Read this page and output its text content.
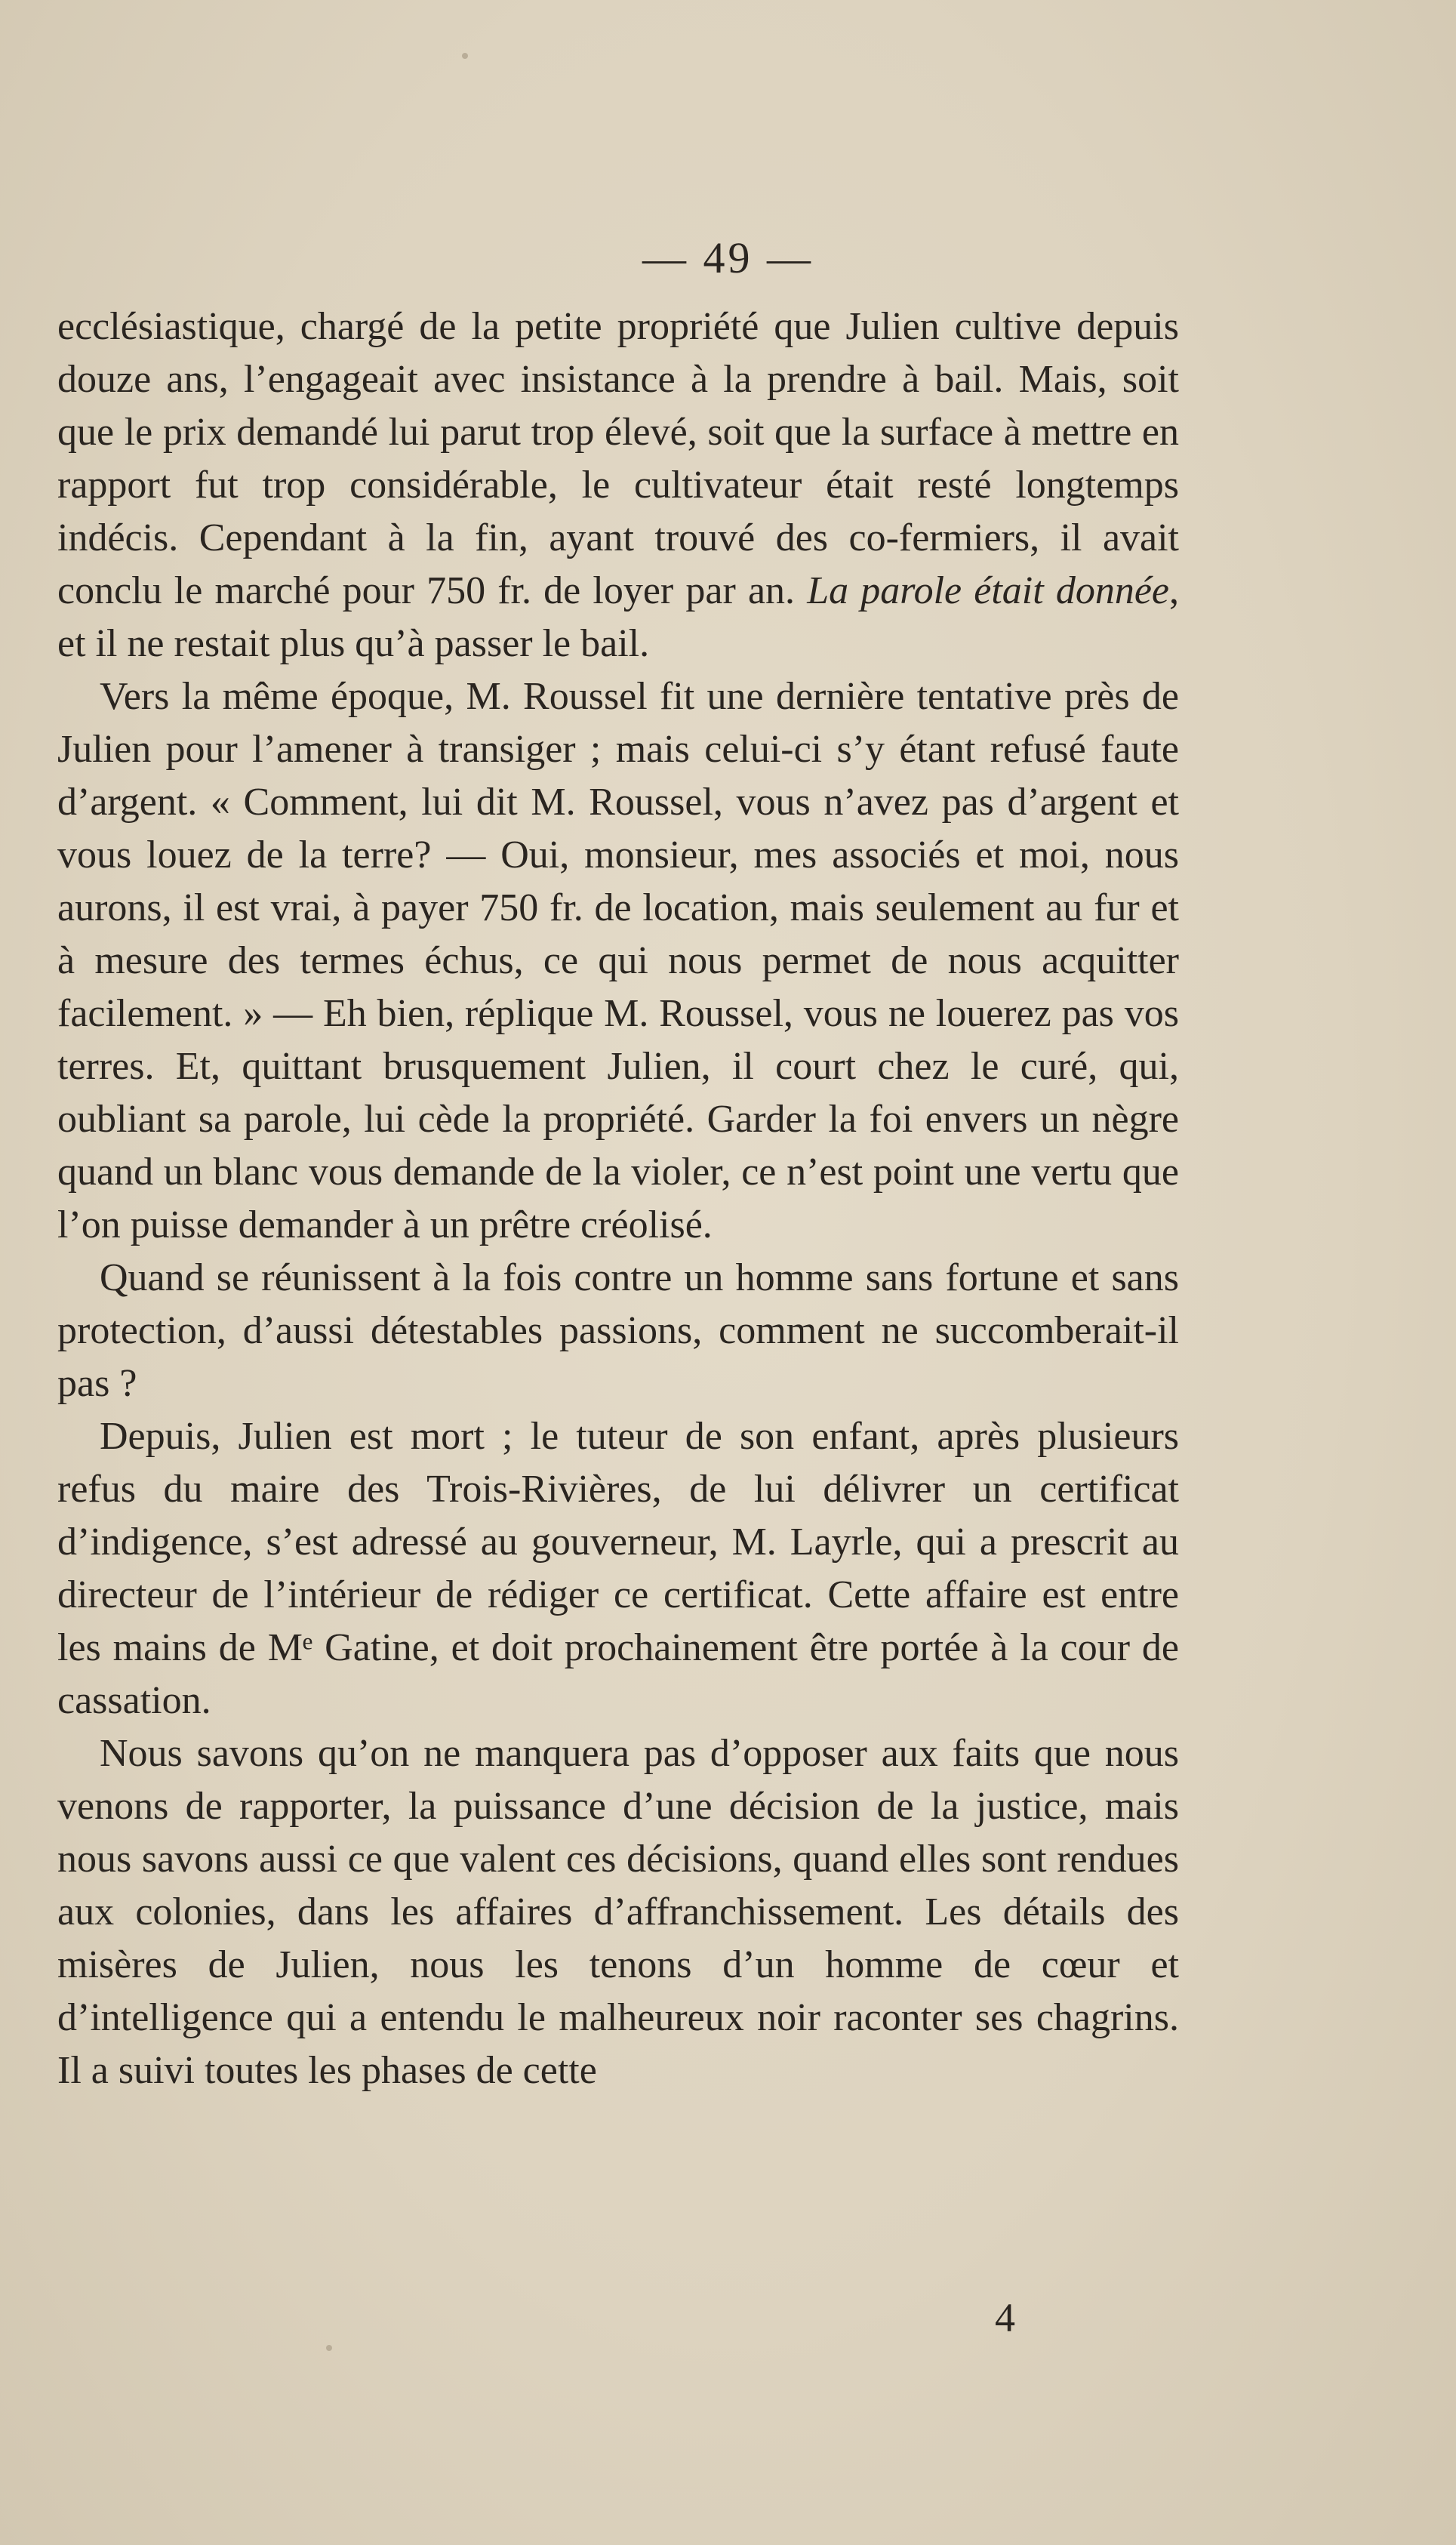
— 49 —

ecclésiastique, chargé de la petite propriété que Julien cultive depuis douze ans, l’engageait avec insistance à la prendre à bail. Mais, soit que le prix demandé lui parut trop élevé, soit que la surface à mettre en rapport fut trop considérable, le cultivateur était resté longtemps indécis. Cependant à la fin, ayant trouvé des co-fermiers, il avait conclu le marché pour 750 fr. de loyer par an. La parole était donnée, et il ne restait plus qu’à passer le bail.

Vers la même époque, M. Roussel fit une dernière tentative près de Julien pour l’amener à transiger ; mais celui-ci s’y étant refusé faute d’argent. « Comment, lui dit M. Roussel, vous n’avez pas d’argent et vous louez de la terre? — Oui, monsieur, mes associés et moi, nous aurons, il est vrai, à payer 750 fr. de location, mais seulement au fur et à mesure des termes échus, ce qui nous permet de nous acquitter facilement. » — Eh bien, réplique M. Roussel, vous ne louerez pas vos terres. Et, quittant brusquement Julien, il court chez le curé, qui, oubliant sa parole, lui cède la propriété. Garder la foi envers un nègre quand un blanc vous demande de la violer, ce n’est point une vertu que l’on puisse demander à un prêtre créolisé.

Quand se réunissent à la fois contre un homme sans fortune et sans protection, d’aussi détestables passions, comment ne succomberait-il pas ?

Depuis, Julien est mort ; le tuteur de son enfant, après plusieurs refus du maire des Trois-Rivières, de lui délivrer un certificat d’indigence, s’est adressé au gouverneur, M. Layrle, qui a prescrit au directeur de l’intérieur de rédiger ce certificat. Cette affaire est entre les mains de Mᵉ Gatine, et doit prochainement être portée à la cour de cassation.

Nous savons qu’on ne manquera pas d’opposer aux faits que nous venons de rapporter, la puissance d’une décision de la justice, mais nous savons aussi ce que valent ces décisions, quand elles sont rendues aux colonies, dans les affaires d’affranchissement. Les détails des misères de Julien, nous les tenons d’un homme de cœur et d’intelligence qui a entendu le malheureux noir raconter ses chagrins. Il a suivi toutes les phases de cette

4
